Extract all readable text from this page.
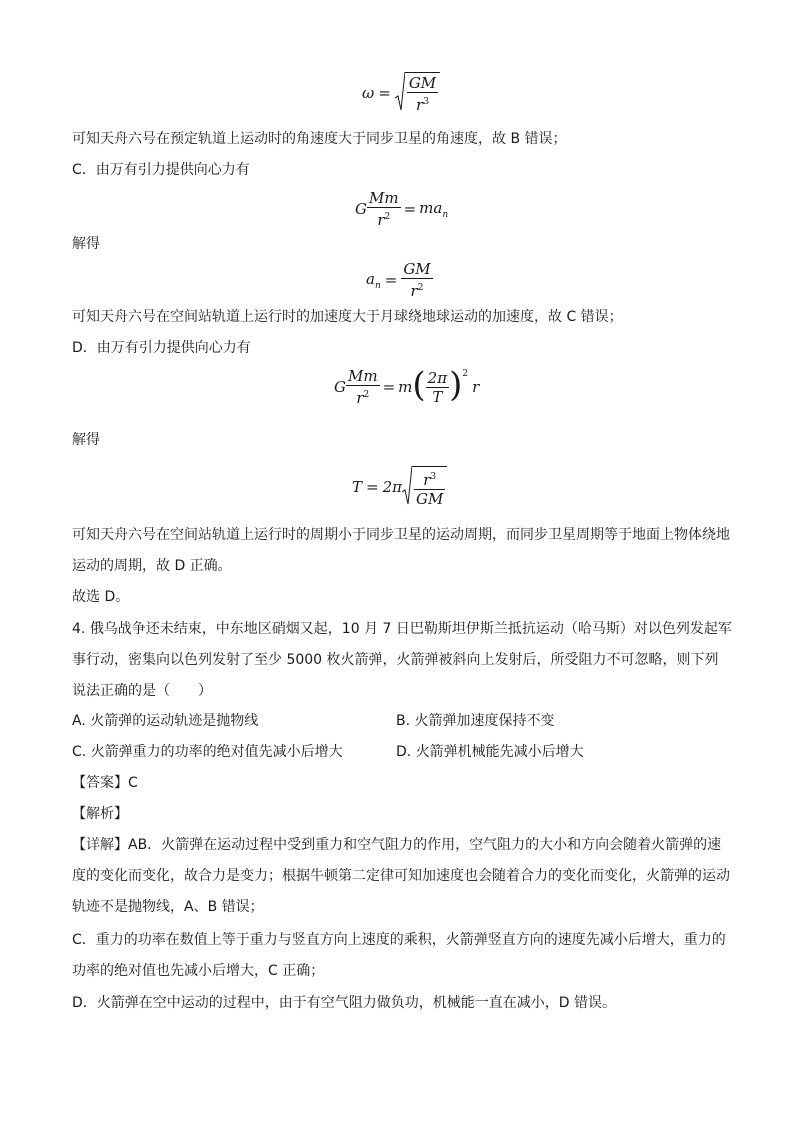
$\omega = \frac{GM}{r^3}$
可知天舟六号在预定轨道上运动时的角速度大于同步卫星的角速度，故 B 错误；
C．由万有引力提供向心力有
G $\frac{Mm}{r^2} = ma_n$
解得
$a_n = \frac{GM}{r^2}$
可知天舟六号在空间站轨道上运行时的加速度大于月球绕地球运动的加速度，故 C 错误；
D．由万有引力提供向心力有
G $\frac{Mm}{r^2} = m$ ( $\frac{2\pi}{T} )^2$
r
解得
$T = 2\pi \frac{r^3}{GM}$
可知天舟六号在空间站轨道上运行时的周期小于同步卫星的运动周期，而同步卫星周期等于地面上物体绕地运动的周期，故 D 正确。
故选 D。
4. 俄乌战争还未结束，中东地区硝烟又起，10 月 7 日巴勒斯坦伊斯兰抵抗运动（哈马斯）对以色列发起军事行动，密集向以色列发射了至少 5000 枚火箭弹，火箭弹被斜向上发射后，所受阻力不可忽略，则下列说法正确的是（　　）
A. 火箭弹的运动轨迹是抛物线	B. 火箭弹加速度保持不变
C. 火箭弹重力的功率的绝对值先减小后增大	D. 火箭弹机械能先减小后增大
【答案】C
【解析】
【详解】AB．火箭弹在运动过程中受到重力和空气阻力的作用，空气阻力的大小和方向会随着火箭弹的速度的变化而变化，故合力是变力；根据牛顿第二定律可知加速度也会随着合力的变化而变化，火箭弹的运动轨迹不是抛物线，A、B 错误；
C．重力的功率在数值上等于重力与竖直方向上速度的乘积，火箭弹竖直方向的速度先减小后增大，重力的功率的绝对值也先减小后增大，C 正确；
D．火箭弹在空中运动的过程中，由于有空气阻力做负功，机械能一直在减小，D 错误。
